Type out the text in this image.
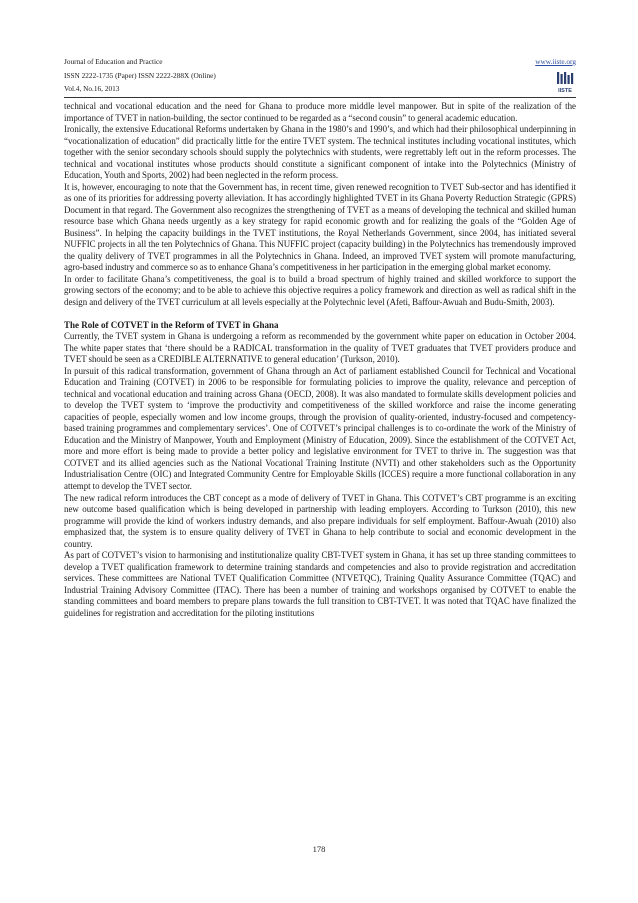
Journal of Education and Practice
ISSN 2222-1735 (Paper) ISSN 2222-288X (Online)
Vol.4, No.16, 2013
www.iiste.org
IISTE

technical and vocational education and the need for Ghana to produce more middle level manpower. But in spite of the realization of the importance of TVET in nation-building, the sector continued to be regarded as a “second cousin” to general academic education.

Ironically, the extensive Educational Reforms undertaken by Ghana in the 1980’s and 1990’s, and which had their philosophical underpinning in “vocationalization of education” did practically little for the entire TVET system. The technical institutes including vocational institutes, which together with the senior secondary schools should supply the polytechnics with students, were regrettably left out in the reform processes. The technical and vocational institutes whose products should constitute a significant component of intake into the Polytechnics (Ministry of Education, Youth and Sports, 2002) had been neglected in the reform process.

It is, however, encouraging to note that the Government has, in recent time, given renewed recognition to TVET Sub-sector and has identified it as one of its priorities for addressing poverty alleviation. It has accordingly highlighted TVET in its Ghana Poverty Reduction Strategic (GPRS) Document in that regard. The Government also recognizes the strengthening of TVET as a means of developing the technical and skilled human resource base which Ghana needs urgently as a key strategy for rapid economic growth and for realizing the goals of the “Golden Age of Business”. In helping the capacity buildings in the TVET institutions, the Royal Netherlands Government, since 2004, has initiated several NUFFIC projects in all the ten Polytechnics of Ghana. This NUFFIC project (capacity building) in the Polytechnics has tremendously improved the quality delivery of TVET programmes in all the Polytechnics in Ghana. Indeed, an improved TVET system will promote manufacturing, agro-based industry and commerce so as to enhance Ghana’s competitiveness in her participation in the emerging global market economy.

In order to facilitate Ghana’s competitiveness, the goal is to build a broad spectrum of highly trained and skilled workforce to support the growing sectors of the economy; and to be able to achieve this objective requires a policy framework and direction as well as radical shift in the design and delivery of the TVET curriculum at all levels especially at the Polytechnic level (Afeti, Baffour-Awuah and Budu-Smith, 2003).

The Role of COTVET in the Reform of TVET in Ghana

Currently, the TVET system in Ghana is undergoing a reform as recommended by the government white paper on education in October 2004. The white paper states that ‘there should be a RADICAL transformation in the quality of TVET graduates that TVET providers produce and TVET should be seen as a CREDIBLE ALTERNATIVE to general education’ (Turkson, 2010).

In pursuit of this radical transformation, government of Ghana through an Act of parliament established Council for Technical and Vocational Education and Training (COTVET) in 2006 to be responsible for formulating policies to improve the quality, relevance and perception of technical and vocational education and training across Ghana (OECD, 2008). It was also mandated to formulate skills development policies and to develop the TVET system to ‘improve the productivity and competitiveness of the skilled workforce and raise the income generating capacities of people, especially women and low income groups, through the provision of quality-oriented, industry-focused and competency-based training programmes and complementary services’. One of COTVET’s principal challenges is to co-ordinate the work of the Ministry of Education and the Ministry of Manpower, Youth and Employment (Ministry of Education, 2009). Since the establishment of the COTVET Act, more and more effort is being made to provide a better policy and legislative environment for TVET to thrive in. The suggestion was that COTVET and its allied agencies such as the National Vocational Training Institute (NVTI) and other stakeholders such as the Opportunity Industrialisation Centre (OIC) and Integrated Community Centre for Employable Skills (ICCES) require a more functional collaboration in any attempt to develop the TVET sector.

The new radical reform introduces the CBT concept as a mode of delivery of TVET in Ghana. This COTVET’s CBT programme is an exciting new outcome based qualification which is being developed in partnership with leading employers. According to Turkson (2010), this new programme will provide the kind of workers industry demands, and also prepare individuals for self employment. Baffour-Awuah (2010) also emphasized that, the system is to ensure quality delivery of TVET in Ghana to help contribute to social and economic development in the country.

As part of COTVET’s vision to harmonising and institutionalize quality CBT-TVET system in Ghana, it has set up three standing committees to develop a TVET qualification framework to determine training standards and competencies and also to provide registration and accreditation services. These committees are National TVET Qualification Committee (NTVETQC), Training Quality Assurance Committee (TQAC) and Industrial Training Advisory Committee (ITAC). There has been a number of training and workshops organised by COTVET to enable the standing committees and board members to prepare plans towards the full transition to CBT-TVET. It was noted that TQAC have finalized the guidelines for registration and accreditation for the piloting institutions

178
